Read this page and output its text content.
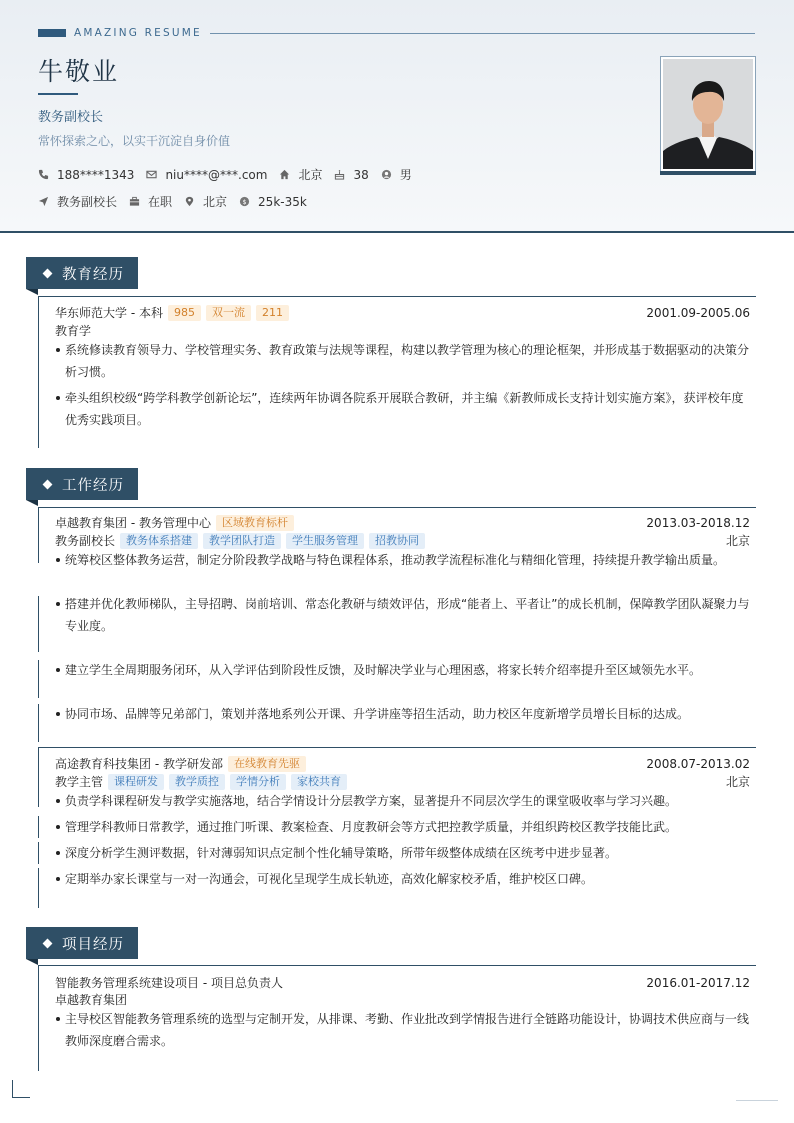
AMAZING RESUME
牛敬业
教务副校长
常怀探索之心，以实干沉淀自身价值
188****1343	niu****@***.com	北京	38	男
教务副校长	在职	北京 $ 25k-35k
教育经历
华东师范大学 - 本科	985	双一流	211	2001.09-2005.06
教育学
系统修读教育领导力、学校管理实务、教育政策与法规等课程，构建以教学管理为核心的理论框架，并形成基于数据驱动的决策分析习惯。
牵头组织校级“跨学科教学创新论坛”，连续两年协调各院系开展联合教研，并主编《新教师成长支持计划实施方案》，获评校年度优秀实践项目。
工作经历
卓越教育集团 - 教务管理中心	区域教育标杆	2013.03-2018.12
教务副校长	教务体系搭建	教学团队打造	学生服务管理	招教协同	北京
统筹校区整体教务运营，制定分阶段教学战略与特色课程体系，推动教学流程标准化与精细化管理，持续提升教学输出质量。
搭建并优化教师梯队，主导招聘、岗前培训、常态化教研与绩效评估，形成“能者上、平者让”的成长机制，保障教学团队凝聚力与专业度。
建立学生全周期服务闭环，从入学评估到阶段性反馈，及时解决学业与心理困惑，将家长转介绍率提升至区域领先水平。
协同市场、品牌等兄弟部门，策划并落地系列公开课、升学讲座等招生活动，助力校区年度新增学员增长目标的达成。
高途教育科技集团 - 教学研发部	在线教育先驱	2008.07-2013.02
教学主管	课程研发	教学质控	学情分析	家校共育	北京
负责学科课程研发与教学实施落地，结合学情设计分层教学方案，显著提升不同层次学生的课堂吸收率与学习兴趣。
管理学科教师日常教学，通过推门听课、教案检查、月度教研会等方式把控教学质量，并组织跨校区教学技能比武。
深度分析学生测评数据，针对薄弱知识点定制个性化辅导策略，所带年级整体成绩在区统考中进步显著。
定期举办家长课堂与一对一沟通会，可视化呈现学生成长轨迹，高效化解家校矛盾，维护校区口碑。
项目经历
智能教务管理系统建设项目 - 项目总负责人	2016.01-2017.12
卓越教育集团
主导校区智能教务管理系统的选型与定制开发，从排课、考勤、作业批改到学情报告进行全链路功能设计，协调技术供应商与一线教师深度磨合需求。
